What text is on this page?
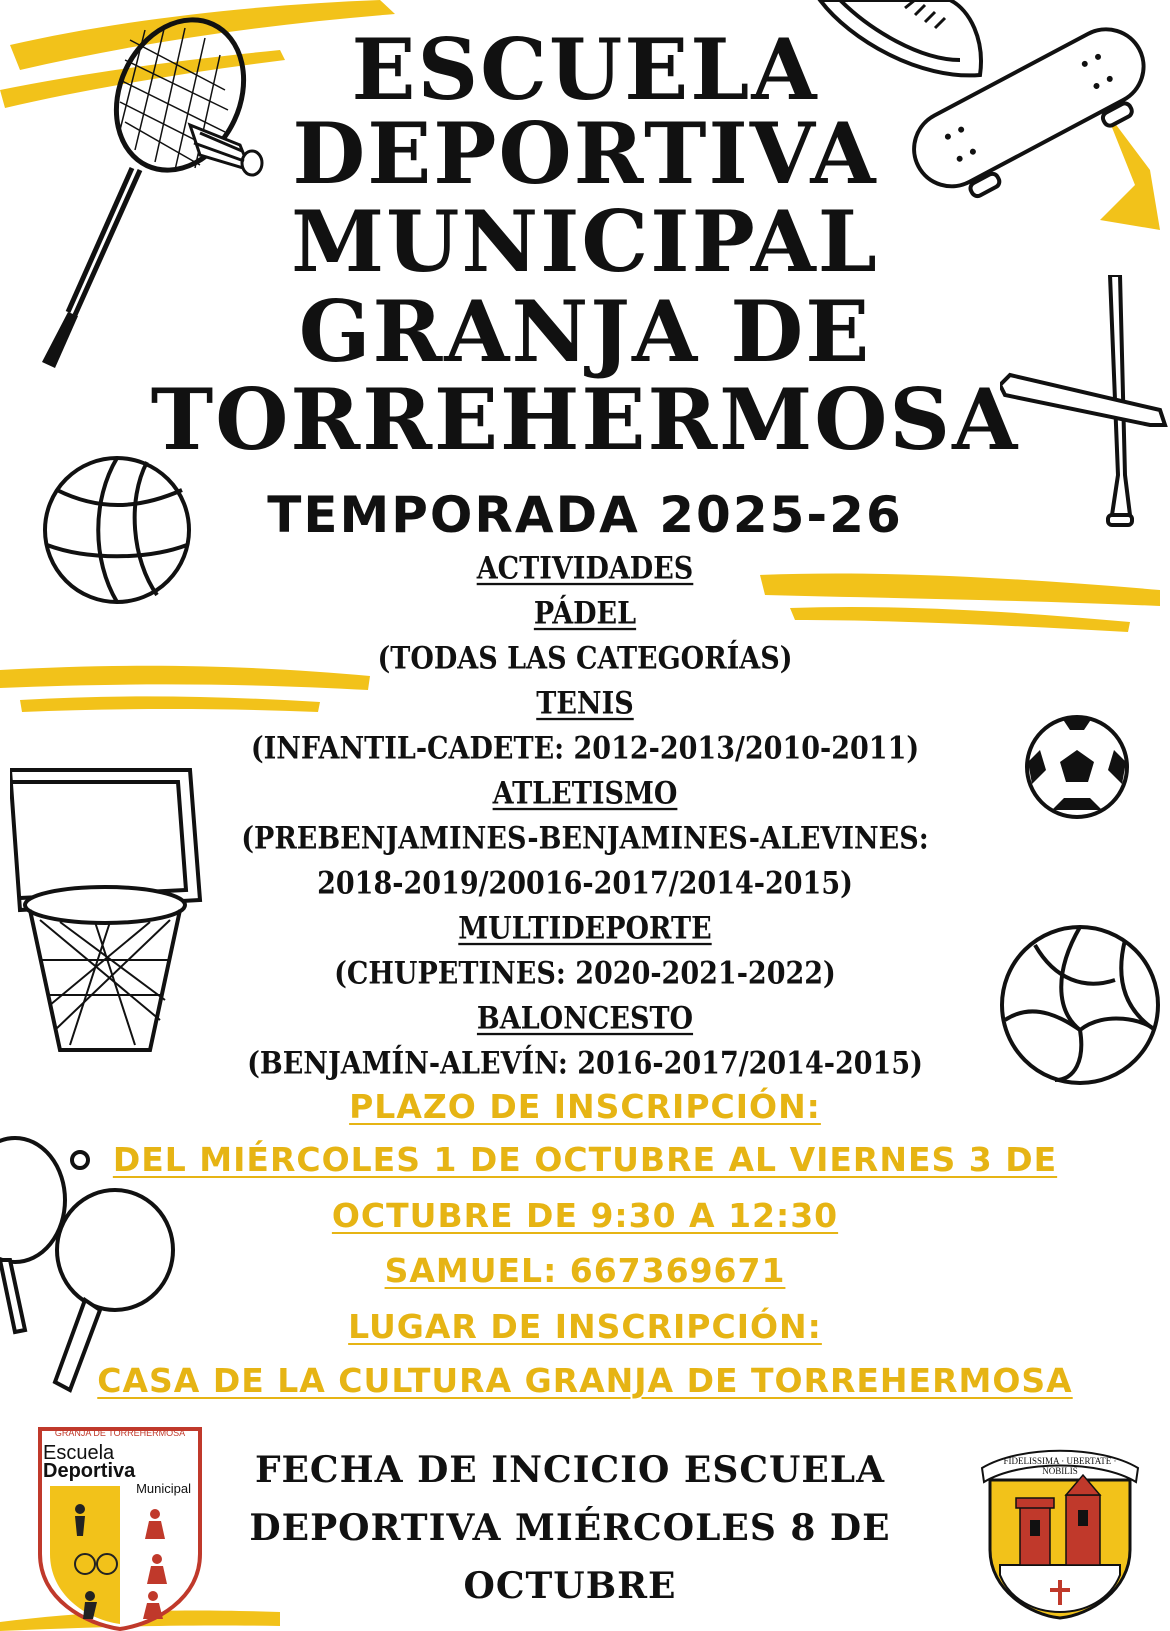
ESCUELA
DEPORTIVA
MUNICIPAL
GRANJA DE
TORREHERMOSA
TEMPORADA 2025-26
ACTIVIDADES
PÁDEL
(TODAS LAS CATEGORÍAS)
TENIS
(INFANTIL-CADETE: 2012-2013/2010-2011)
ATLETISMO
(PREBENJAMINES-BENJAMINES-ALEVINES:
2018-2019/20016-2017/2014-2015)
MULTIDEPORTE
(CHUPETINES: 2020-2021-2022)
BALONCESTO
(BENJAMÍN-ALEVÍN: 2016-2017/2014-2015)
PLAZO DE INSCRIPCIÓN:
DEL MIÉRCOLES 1 DE OCTUBRE AL VIERNES 3 DE
OCTUBRE DE 9:30 A 12:30
SAMUEL: 667369671
LUGAR DE INSCRIPCIÓN:
CASA DE LA CULTURA GRANJA DE TORREHERMOSA
FECHA DE INCICIO ESCUELA
DEPORTIVA MIÉRCOLES 8 DE
OCTUBRE
GRANJA DE TORREHERMOSA
Escuela Deportiva
Municipal
FIDELISSIMA · UBERTATE · NOBILIS
